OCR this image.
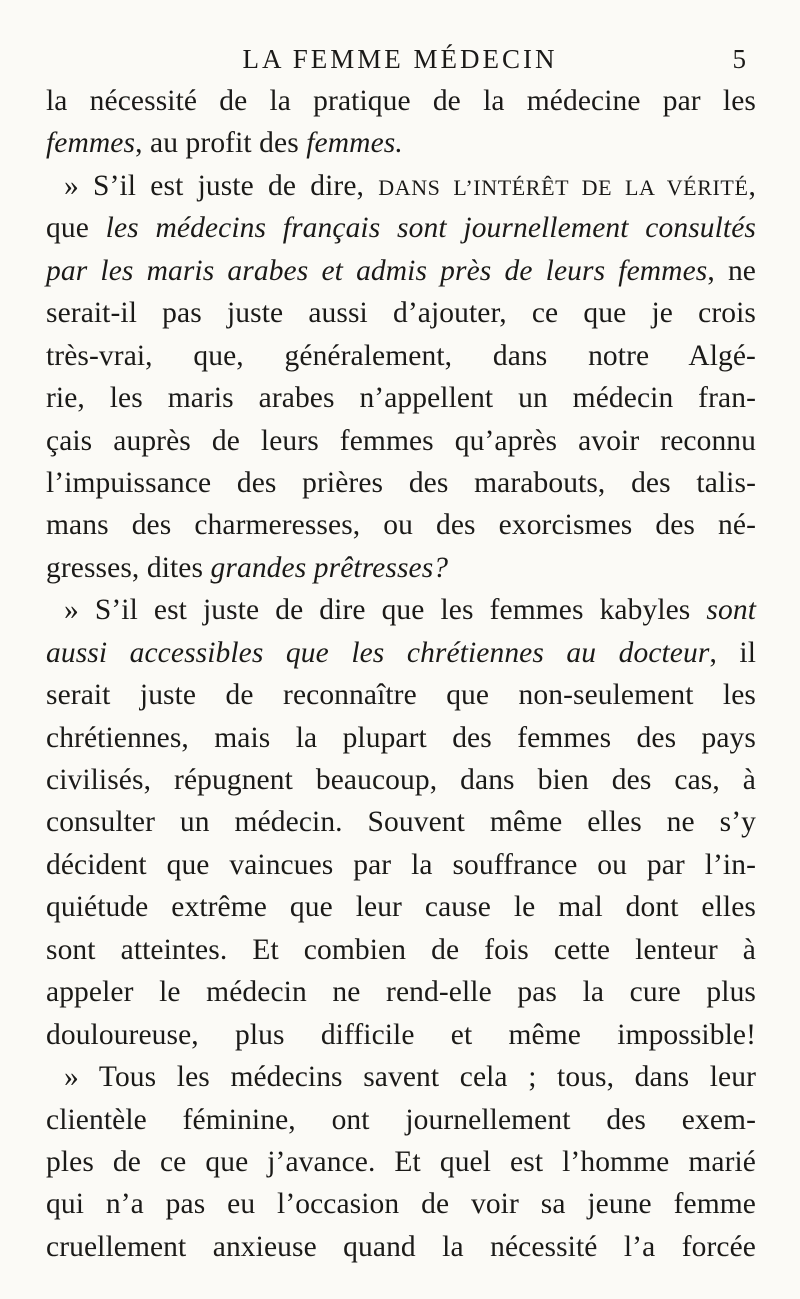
LA FEMME MÉDECIN	5
la nécessité de la pratique de la médecine par les
femmes, au profit des femmes.
» S’il est juste de dire, DANS L’INTÉRÊT DE LA VÉRITÉ,
que les médecins français sont journellement consultés
par les maris arabes et admis près de leurs femmes, ne
serait-il pas juste aussi d’ajouter, ce que je crois
très-vrai, que, généralement, dans notre Algé-
rie, les maris arabes n’appellent un médecin fran-
çais auprès de leurs femmes qu’après avoir reconnu
l’impuissance des prières des marabouts, des talis-
mans des charmeresses, ou des exorcismes des né-
gresses, dites grandes prêtresses?
» S’il est juste de dire que les femmes kabyles sont
aussi accessibles que les chrétiennes au docteur, il
serait juste de reconnaître que non-seulement les
chrétiennes, mais la plupart des femmes des pays
civilisés, répugnent beaucoup, dans bien des cas, à
consulter un médecin. Souvent même elles ne s’y
décident que vaincues par la souffrance ou par l’in-
quiétude extrême que leur cause le mal dont elles
sont atteintes. Et combien de fois cette lenteur à
appeler le médecin ne rend-elle pas la cure plus
douloureuse, plus difficile et même impossible!
» Tous les médecins savent cela ; tous, dans leur
clientèle féminine, ont journellement des exem-
ples de ce que j’avance. Et quel est l’homme marié
qui n’a pas eu l’occasion de voir sa jeune femme
cruellement anxieuse quand la nécessité l’a forcée
